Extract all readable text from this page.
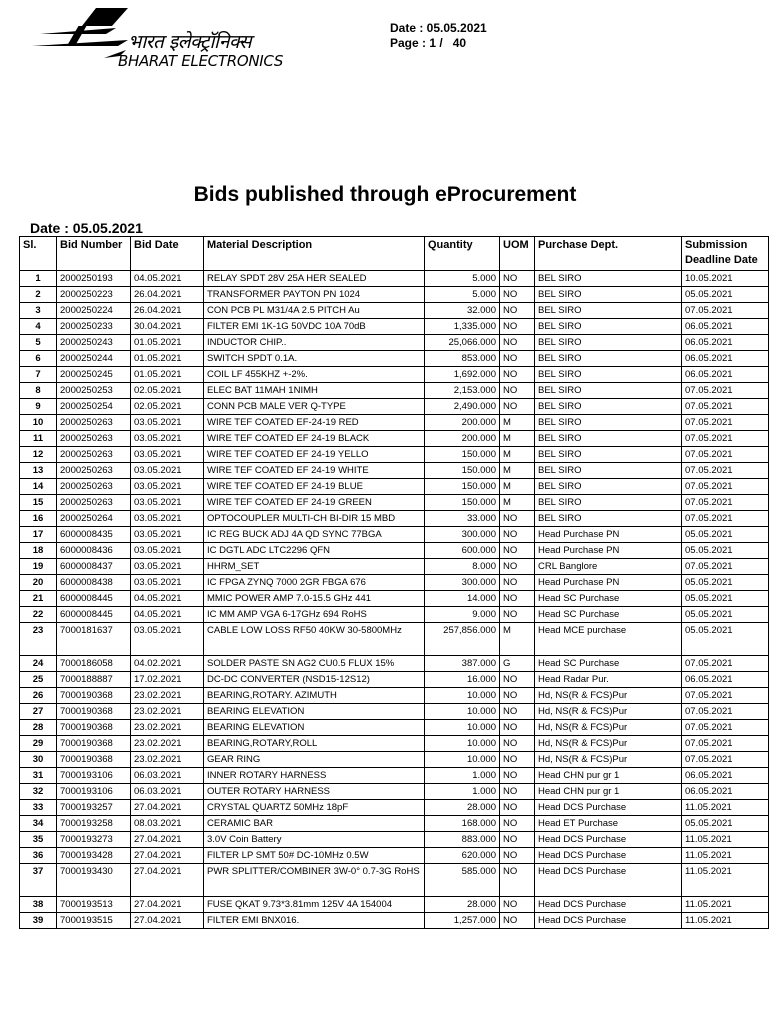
भारत इलेक्ट्रॉनिक्स
BHARAT ELECTRONICS
Date : 05.05.2021
Page : 1 /   40
Bids published through eProcurement
Date : 05.05.2021
Sl.	Bid Number	Bid Date	Material Description	Quantity	UOM	Purchase Dept.	Submission Deadline Date
1	2000250193	04.05.2021	RELAY SPDT 28V 25A HER SEALED	5.000	NO	BEL SIRO	10.05.2021
2	2000250223	26.04.2021	TRANSFORMER PAYTON PN 1024	5.000	NO	BEL SIRO	05.05.2021
3	2000250224	26.04.2021	CON PCB PL M31/4A 2.5 PITCH Au	32.000	NO	BEL SIRO	07.05.2021
4	2000250233	30.04.2021	FILTER EMI 1K-1G 50VDC 10A 70dB	1,335.000	NO	BEL SIRO	06.05.2021
5	2000250243	01.05.2021	INDUCTOR CHIP..	25,066.000	NO	BEL SIRO	06.05.2021
6	2000250244	01.05.2021	SWITCH SPDT 0.1A.	853.000	NO	BEL SIRO	06.05.2021
7	2000250245	01.05.2021	COIL LF 455KHZ +-2%.	1,692.000	NO	BEL SIRO	06.05.2021
8	2000250253	02.05.2021	ELEC BAT 11MAH 1NIMH	2,153.000	NO	BEL SIRO	07.05.2021
9	2000250254	02.05.2021	CONN PCB MALE VER Q-TYPE	2,490.000	NO	BEL SIRO	07.05.2021
10	2000250263	03.05.2021	WIRE TEF COATED EF-24-19 RED	200.000	M	BEL SIRO	07.05.2021
11	2000250263	03.05.2021	WIRE TEF COATED EF 24-19 BLACK	200.000	M	BEL SIRO	07.05.2021
12	2000250263	03.05.2021	WIRE TEF COATED EF 24-19 YELLO	150.000	M	BEL SIRO	07.05.2021
13	2000250263	03.05.2021	WIRE TEF COATED EF 24-19 WHITE	150.000	M	BEL SIRO	07.05.2021
14	2000250263	03.05.2021	WIRE TEF COATED EF 24-19 BLUE	150.000	M	BEL SIRO	07.05.2021
15	2000250263	03.05.2021	WIRE TEF COATED EF 24-19 GREEN	150.000	M	BEL SIRO	07.05.2021
16	2000250264	03.05.2021	OPTOCOUPLER MULTI-CH BI-DIR 15 MBD	33.000	NO	BEL SIRO	07.05.2021
17	6000008435	03.05.2021	IC REG BUCK ADJ 4A QD SYNC 77BGA	300.000	NO	Head Purchase PN	05.05.2021
18	6000008436	03.05.2021	IC DGTL ADC LTC2296 QFN	600.000	NO	Head Purchase PN	05.05.2021
19	6000008437	03.05.2021	HHRM_SET	8.000	NO	CRL Banglore	07.05.2021
20	6000008438	03.05.2021	IC FPGA ZYNQ 7000 2GR FBGA 676	300.000	NO	Head Purchase PN	05.05.2021
21	6000008445	04.05.2021	MMIC POWER AMP 7.0-15.5 GHz 441	14.000	NO	Head SC Purchase	05.05.2021
22	6000008445	04.05.2021	IC MM AMP VGA 6-17GHz 694 RoHS	9.000	NO	Head SC Purchase	05.05.2021
23	7000181637	03.05.2021	CABLE LOW LOSS RF50 40KW 30-5800MHz	257,856.000	M	Head MCE purchase	05.05.2021
24	7000186058	04.02.2021	SOLDER PASTE SN AG2 CU0.5 FLUX 15%	387.000	G	Head SC Purchase	07.05.2021
25	7000188887	17.02.2021	DC-DC CONVERTER (NSD15-12S12)	16.000	NO	Head Radar Pur.	06.05.2021
26	7000190368	23.02.2021	BEARING,ROTARY. AZIMUTH	10.000	NO	Hd, NS(R & FCS)Pur	07.05.2021
27	7000190368	23.02.2021	BEARING ELEVATION	10.000	NO	Hd, NS(R & FCS)Pur	07.05.2021
28	7000190368	23.02.2021	BEARING ELEVATION	10.000	NO	Hd, NS(R & FCS)Pur	07.05.2021
29	7000190368	23.02.2021	BEARING,ROTARY,ROLL	10.000	NO	Hd, NS(R & FCS)Pur	07.05.2021
30	7000190368	23.02.2021	GEAR RING	10.000	NO	Hd, NS(R & FCS)Pur	07.05.2021
31	7000193106	06.03.2021	INNER ROTARY HARNESS	1.000	NO	Head CHN pur gr 1	06.05.2021
32	7000193106	06.03.2021	OUTER ROTARY HARNESS	1.000	NO	Head CHN pur gr 1	06.05.2021
33	7000193257	27.04.2021	CRYSTAL QUARTZ 50MHz 18pF	28.000	NO	Head DCS Purchase	11.05.2021
34	7000193258	08.03.2021	CERAMIC BAR	168.000	NO	Head ET Purchase	05.05.2021
35	7000193273	27.04.2021	3.0V Coin Battery	883.000	NO	Head DCS Purchase	11.05.2021
36	7000193428	27.04.2021	FILTER LP SMT 50# DC-10MHz 0.5W	620.000	NO	Head DCS Purchase	11.05.2021
37	7000193430	27.04.2021	PWR SPLITTER/COMBINER 3W-0° 0.7-3G RoHS	585.000	NO	Head DCS Purchase	11.05.2021
38	7000193513	27.04.2021	FUSE QKAT 9.73*3.81mm 125V 4A 154004	28.000	NO	Head DCS Purchase	11.05.2021
39	7000193515	27.04.2021	FILTER EMI BNX016.	1,257.000	NO	Head DCS Purchase	11.05.2021
